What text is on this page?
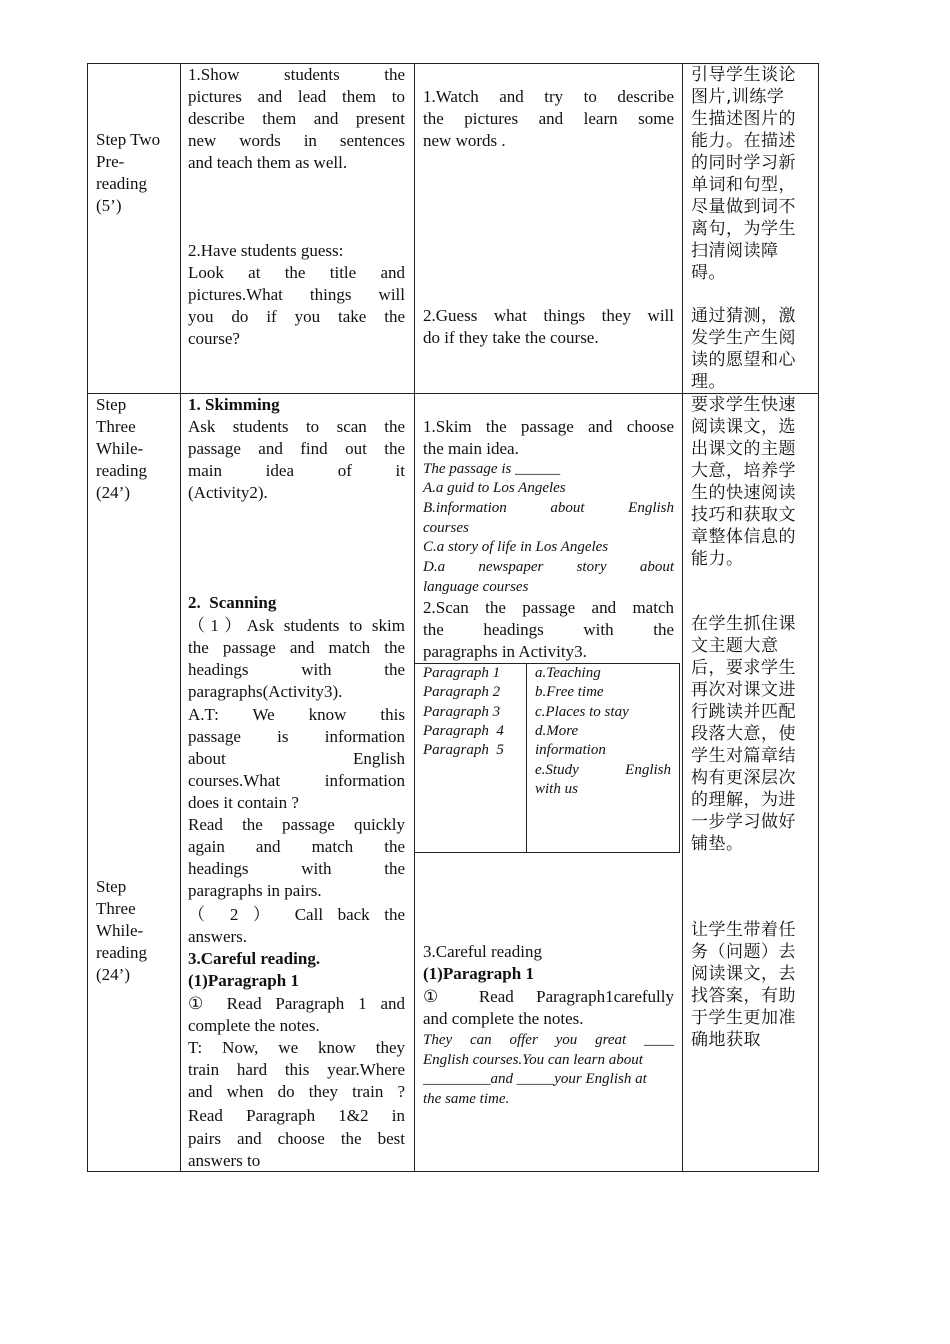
Step Two
Pre-
reading
(5’)
1.Show students the
pictures and lead them to
describe them and present
new words in sentences
and teach them as well.
2.Have students guess:
Look at the title and
pictures.What things will
you do if you take the
course?
1.Watch and try to describe
the pictures and learn some
new words .
2.Guess what things they will
do if they take the course.
引导学生谈论
图片,训练学
生描述图片的
能力。在描述
的同时学习新
单词和句型，
尽量做到词不
离句，为学生
扫清阅读障
碍。
通过猜测，激
发学生产生阅
读的愿望和心
理。
Step
Three
While-
reading
(24’)
Step
Three
While-
reading
(24’)
1. Skimming
Ask students to scan the
passage and find out the
main idea of it
(Activity2).
2.  Scanning
（1）Ask students to skim
the passage and match the
headings with the
paragraphs(Activity3).
A.T: We know this
passage is information
about English
courses.What information
does it contain ?
Read the passage quickly
again and match the
headings with the
paragraphs in pairs.
（ 2 ） Call back the
answers.
3.Careful reading.
(1)Paragraph 1
① Read Paragraph 1 and
complete the notes.
T: Now, we know they
train hard this year.Where
and when do they train ?
Read Paragraph 1&2 in
pairs and choose the best
answers to
1.Skim the passage and choose
the main idea.
The passage is ______
A.a guid to Los Angeles
B.information about English
courses
C.a story of life in Los Angeles
D.a newspaper story about
language courses
2.Scan the passage and match
the headings with the
paragraphs in Activity3.
Paragraph 1
Paragraph 2
Paragraph 3
Paragraph  4
Paragraph  5
a.Teaching
b.Free time
c.Places to stay
d.More
information
e.Study English
with us
3.Careful reading
(1)Paragraph 1
① Read Paragraph1carefully
and complete the notes.
They can offer you great ____
English courses.You can learn about
_________and _____your English at
the same time.
要求学生快速
阅读课文，选
出课文的主题
大意，培养学
生的快速阅读
技巧和获取文
章整体信息的
能力。
在学生抓住课
文主题大意
后，要求学生
再次对课文进
行跳读并匹配
段落大意，使
学生对篇章结
构有更深层次
的理解，为进
一步学习做好
铺垫。
让学生带着任
务（问题）去
阅读课文，去
找答案，有助
于学生更加准
确地获取
